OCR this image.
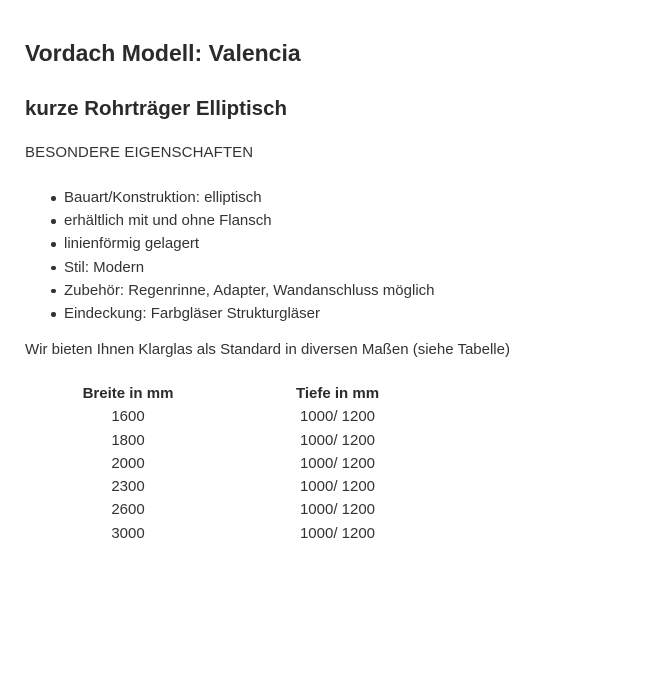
Vordach Modell: Valencia
kurze Rohrträger Elliptisch

BESONDERE EIGENSCHAFTEN

Bauart/Konstruktion: elliptisch
erhältlich mit und ohne Flansch
linienförmig gelagert
Stil: Modern
Zubehör: Regenrinne, Adapter, Wandanschluss möglich
Eindeckung: Farbgläser Strukturgläser

Wir bieten Ihnen Klarglas als Standard in diversen Maßen (siehe Tabelle)

Breite in mm	Tiefe in mm
1600	1000/ 1200
1800	1000/ 1200
2000	1000/ 1200
2300	1000/ 1200
2600	1000/ 1200
3000	1000/ 1200
